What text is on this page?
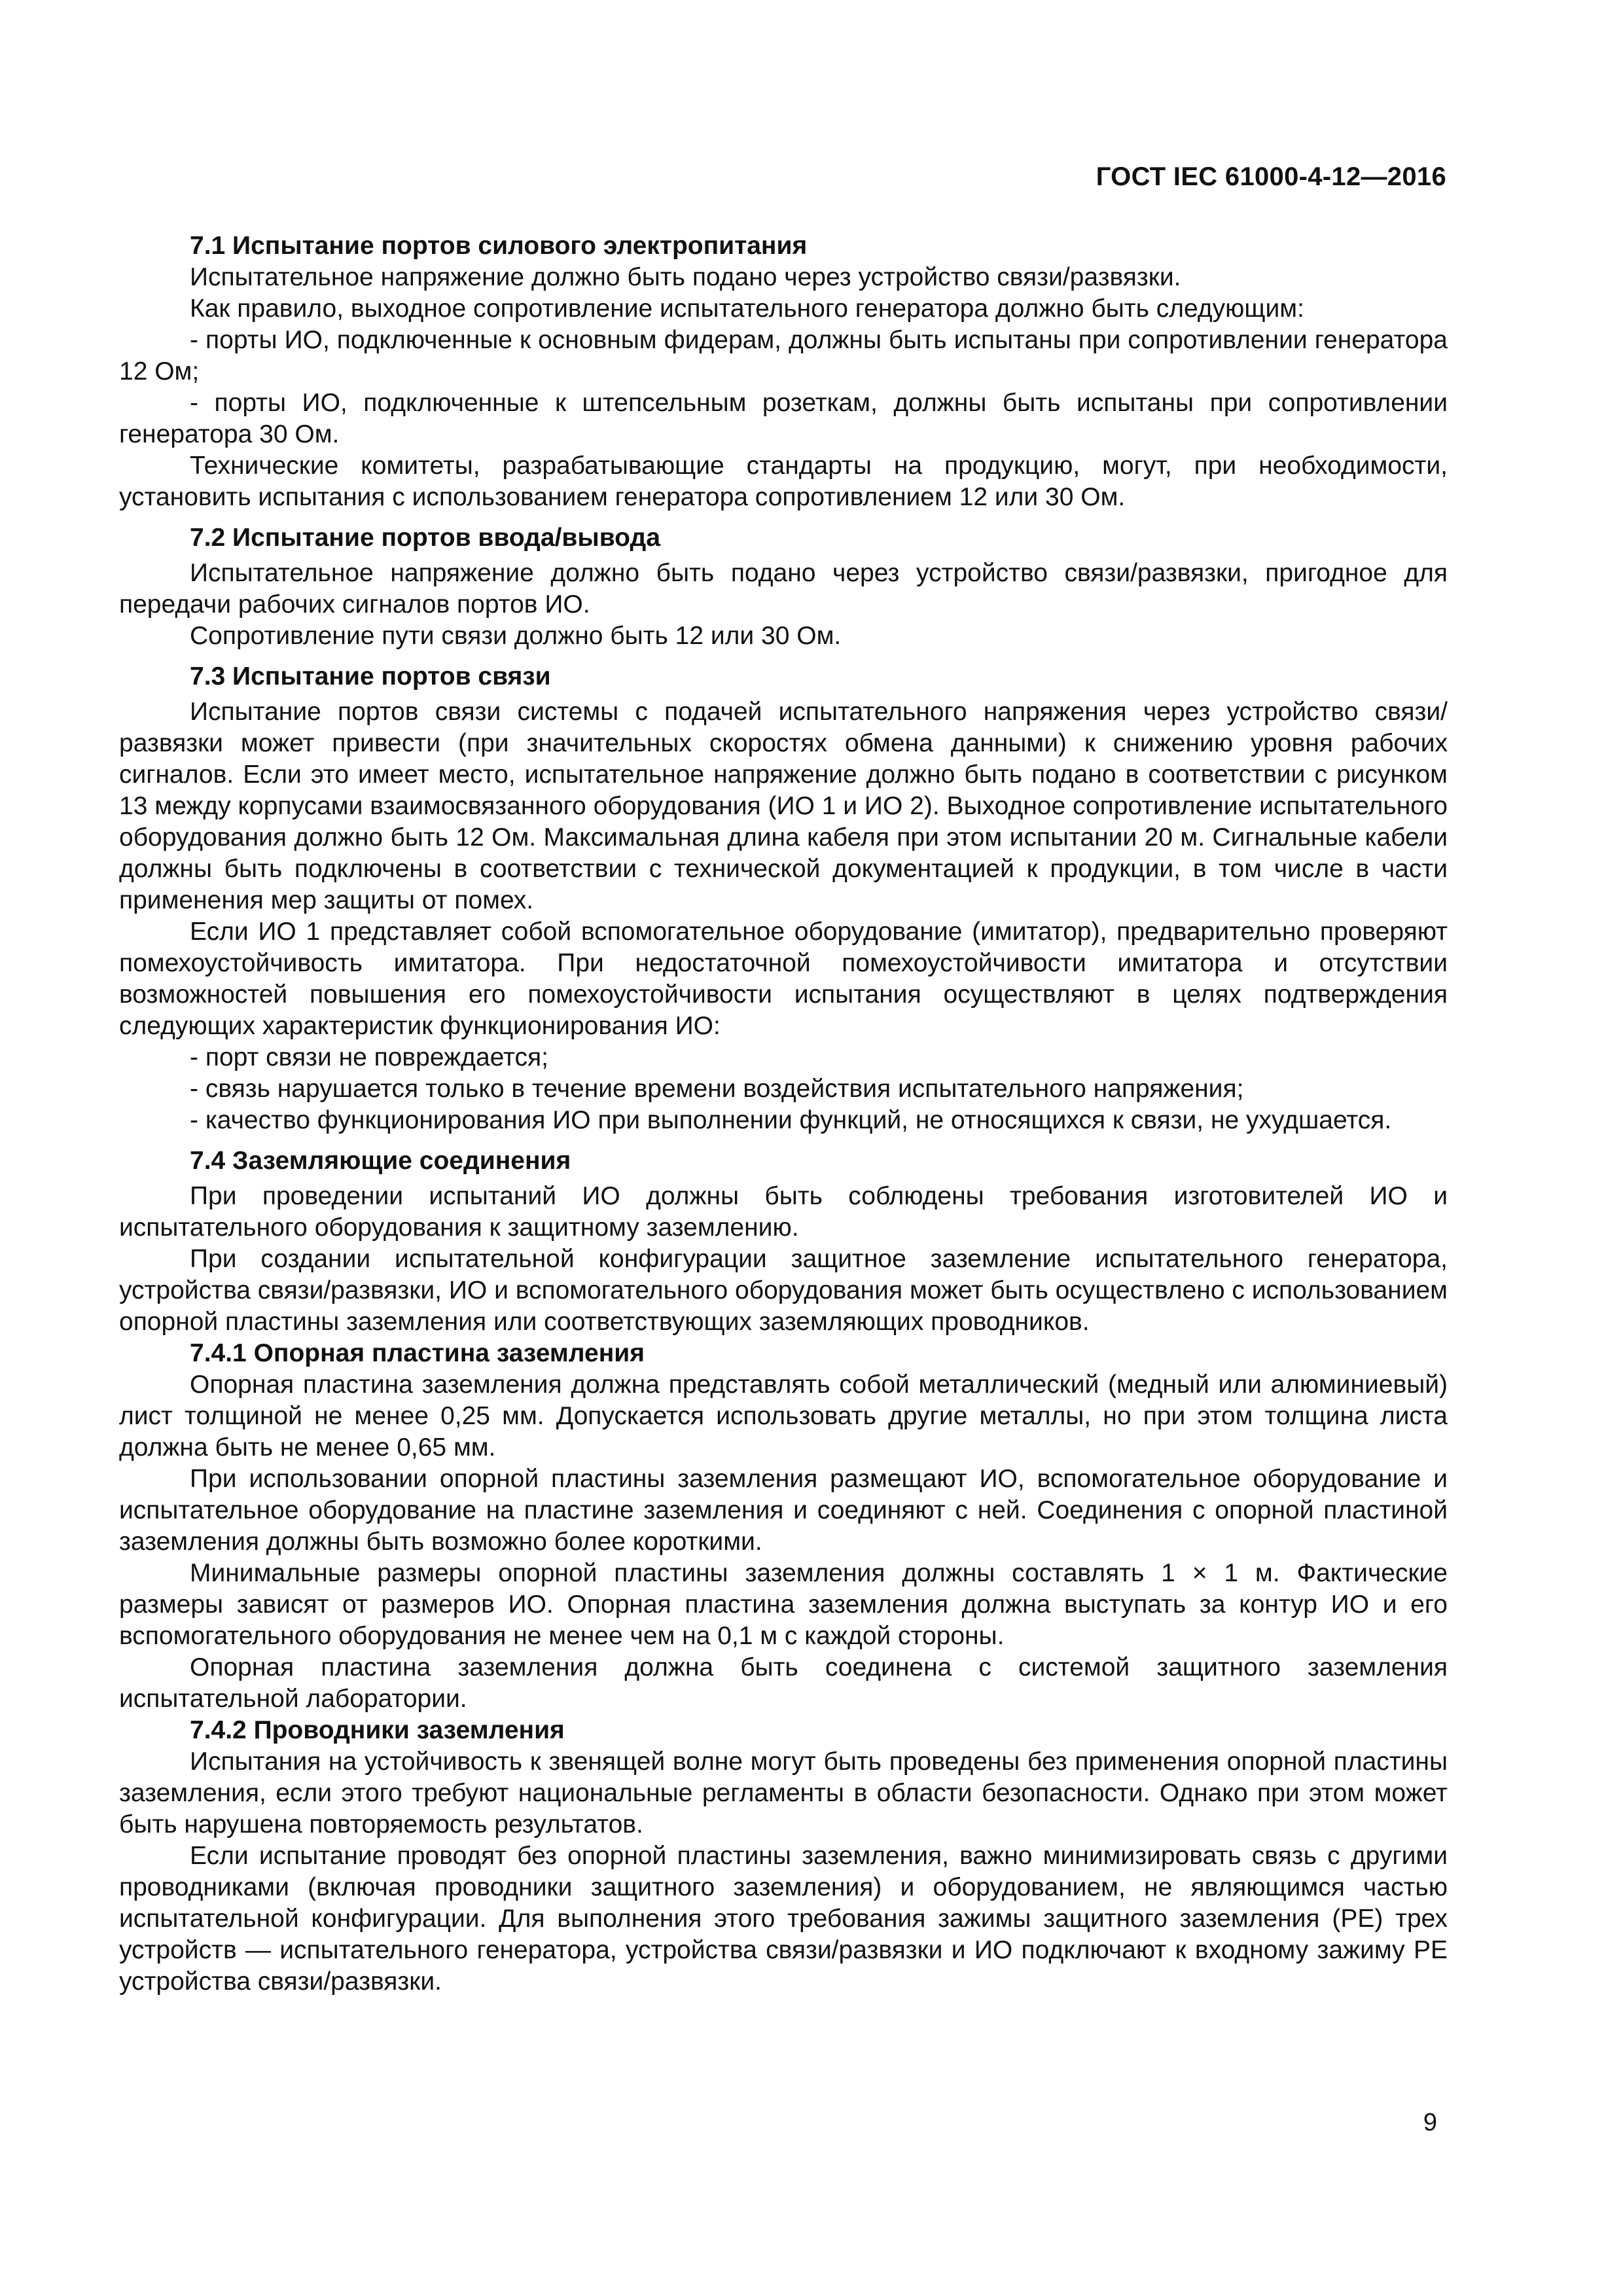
ГОСТ IEC 61000-4-12—2016

7.1 Испытание портов силового электропитания

Испытательное напряжение должно быть подано через устройство связи/развязки.

Как правило, выходное сопротивление испытательного генератора должно быть следующим:

- порты ИО, подключенные к основным фидерам, должны быть испытаны при сопротивлении генератора 12 Ом;

- порты ИО, подключенные к штепсельным розеткам, должны быть испытаны при сопротивлении генератора 30 Ом.

Технические комитеты, разрабатывающие стандарты на продукцию, могут, при необходимости, установить испытания с использованием генератора сопротивлением 12 или 30 Ом.

7.2 Испытание портов ввода/вывода

Испытательное напряжение должно быть подано через устройство связи/развязки, пригодное для передачи рабочих сигналов портов ИО.

Сопротивление пути связи должно быть 12 или 30 Ом.

7.3 Испытание портов связи

Испытание портов связи системы с подачей испытательного напряжения через устройство связи/развязки может привести (при значительных скоростях обмена данными) к снижению уровня рабочих сигналов. Если это имеет место, испытательное напряжение должно быть подано в соответствии с рисунком 13 между корпусами взаимосвязанного оборудования (ИО 1 и ИО 2). Выходное сопротивление испытательного оборудования должно быть 12 Ом. Максимальная длина кабеля при этом испытании 20 м. Сигнальные кабели должны быть подключены в соответствии с технической документацией к продукции, в том числе в части применения мер защиты от помех.

Если ИО 1 представляет собой вспомогательное оборудование (имитатор), предварительно проверяют помехоустойчивость имитатора. При недостаточной помехоустойчивости имитатора и отсутствии возможностей повышения его помехоустойчивости испытания осуществляют в целях подтверждения следующих характеристик функционирования ИО:

- порт связи не повреждается;

- связь нарушается только в течение времени воздействия испытательного напряжения;

- качество функционирования ИО при выполнении функций, не относящихся к связи, не ухудшается.

7.4 Заземляющие соединения

При проведении испытаний ИО должны быть соблюдены требования изготовителей ИО и испытательного оборудования к защитному заземлению.

При создании испытательной конфигурации защитное заземление испытательного генератора, устройства связи/развязки, ИО и вспомогательного оборудования может быть осуществлено с использованием опорной пластины заземления или соответствующих заземляющих проводников.

7.4.1 Опорная пластина заземления

Опорная пластина заземления должна представлять собой металлический (медный или алюминиевый) лист толщиной не менее 0,25 мм. Допускается использовать другие металлы, но при этом толщина листа должна быть не менее 0,65 мм.

При использовании опорной пластины заземления размещают ИО, вспомогательное оборудование и испытательное оборудование на пластине заземления и соединяют с ней. Соединения с опорной пластиной заземления должны быть возможно более короткими.

Минимальные размеры опорной пластины заземления должны составлять 1 × 1 м. Фактические размеры зависят от размеров ИО. Опорная пластина заземления должна выступать за контур ИО и его вспомогательного оборудования не менее чем на 0,1 м с каждой стороны.

Опорная пластина заземления должна быть соединена с системой защитного заземления испытательной лаборатории.

7.4.2 Проводники заземления

Испытания на устойчивость к звенящей волне могут быть проведены без применения опорной пластины заземления, если этого требуют национальные регламенты в области безопасности. Однако при этом может быть нарушена повторяемость результатов.

Если испытание проводят без опорной пластины заземления, важно минимизировать связь с другими проводниками (включая проводники защитного заземления) и оборудованием, не являющимся частью испытательной конфигурации. Для выполнения этого требования зажимы защитного заземления (PE) трех устройств — испытательного генератора, устройства связи/развязки и ИО подключают к входному зажиму PE устройства связи/развязки.

9
